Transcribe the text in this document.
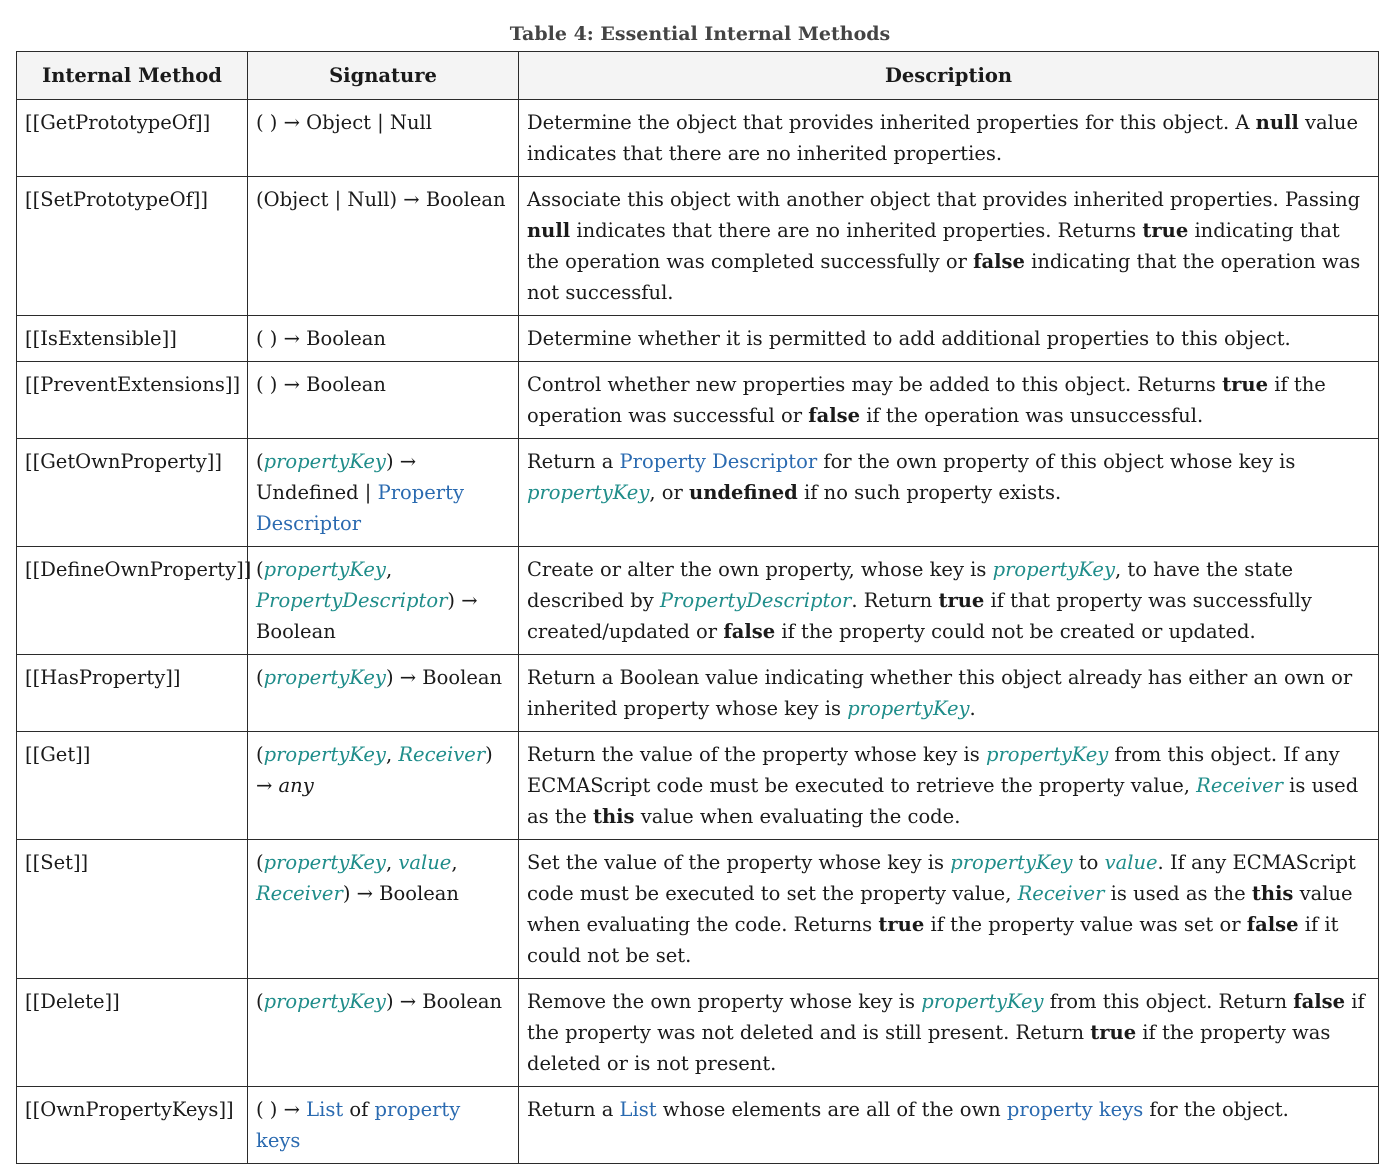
Table 4: Essential Internal Methods
Internal Method	Signature	Description
[[GetPrototypeOf]]	( ) → Object | Null	Determine the object that provides inherited properties for this object. A null value indicates that there are no inherited properties.
[[SetPrototypeOf]]	(Object | Null) → Boolean	Associate this object with another object that provides inherited properties. Passing null indicates that there are no inherited properties. Returns true indicating that the operation was completed successfully or false indicating that the operation was not successful.
[[IsExtensible]]	( ) → Boolean	Determine whether it is permitted to add additional properties to this object.
[[PreventExtensions]]	( ) → Boolean	Control whether new properties may be added to this object. Returns true if the operation was successful or false if the operation was unsuccessful.
[[GetOwnProperty]]	(propertyKey) → Undefined | Property Descriptor	Return a Property Descriptor for the own property of this object whose key is propertyKey, or undefined if no such property exists.
[[DefineOwnProperty]]	(propertyKey, PropertyDescriptor) → Boolean	Create or alter the own property, whose key is propertyKey, to have the state described by PropertyDescriptor. Return true if that property was successfully created/updated or false if the property could not be created or updated.
[[HasProperty]]	(propertyKey) → Boolean	Return a Boolean value indicating whether this object already has either an own or inherited property whose key is propertyKey.
[[Get]]	(propertyKey, Receiver) → any	Return the value of the property whose key is propertyKey from this object. If any ECMAScript code must be executed to retrieve the property value, Receiver is used as the this value when evaluating the code.
[[Set]]	(propertyKey, value, Receiver) → Boolean	Set the value of the property whose key is propertyKey to value. If any ECMAScript code must be executed to set the property value, Receiver is used as the this value when evaluating the code. Returns true if the property value was set or false if it could not be set.
[[Delete]]	(propertyKey) → Boolean	Remove the own property whose key is propertyKey from this object. Return false if the property was not deleted and is still present. Return true if the property was deleted or is not present.
[[OwnPropertyKeys]]	( ) → List of property keys	Return a List whose elements are all of the own property keys for the object.
